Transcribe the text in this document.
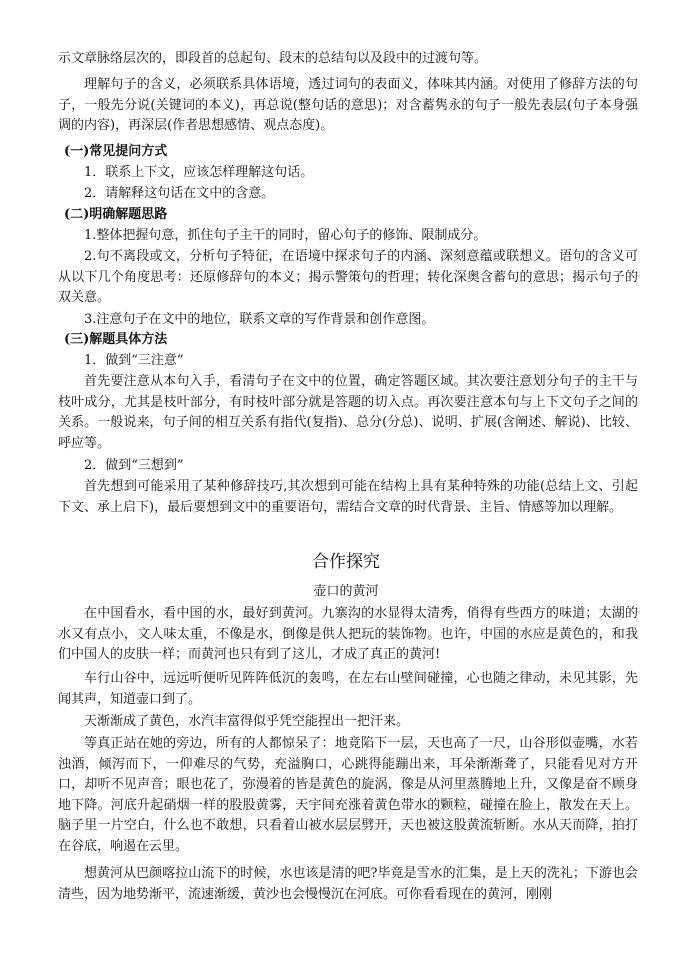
示文章脉络层次的，即段首的总起句、段末的总结句以及段中的过渡句等。

理解句子的含义，必须联系具体语境，透过词句的表面义，体味其内涵。对使用了修辞方法的句子，一般先分说(关键词的本义)，再总说(整句话的意思)；对含蓄隽永的句子一般先表层(句子本身强调的内容)，再深层(作者思想感情、观点态度)。

(一)常见提问方式

1．联系上下文，应该怎样理解这句话。

2．请解释这句话在文中的含意。

(二)明确解题思路

1.整体把握句意，抓住句子主干的同时，留心句子的修饰、限制成分。

2.句不离段或文，分析句子特征，在语境中探求句子的内涵、深刻意蕴或联想义。语句的含义可从以下几个角度思考：还原修辞句的本义；揭示警策句的哲理；转化深奥含蓄句的意思；揭示句子的双关意。

3.注意句子在文中的地位，联系文章的写作背景和创作意图。

(三)解题具体方法

1．做到“三注意”

首先要注意从本句入手，看清句子在文中的位置，确定答题区域。其次要注意划分句子的主干与枝叶成分，尤其是枝叶部分，有时枝叶部分就是答题的切入点。再次要注意本句与上下文句子之间的关系。一般说来，句子间的相互关系有指代(复指)、总分(分总)、说明、扩展(含阐述、解说)、比较、呼应等。

2．做到“三想到”

首先想到可能采用了某种修辞技巧,其次想到可能在结构上具有某种特殊的功能(总结上文、引起下文、承上启下)，最后要想到文中的重要语句，需结合文章的时代背景、主旨、情感等加以理解。

合作探究

壶口的黄河

在中国看水，看中国的水，最好到黄河。九寨沟的水显得太清秀，俏得有些西方的味道；太湖的水又有点小，文人味太重，不像是水，倒像是供人把玩的装饰物。也许，中国的水应是黄色的，和我们中国人的皮肤一样；而黄河也只有到了这儿，才成了真正的黄河!

车行山谷中，远远听便听见阵阵低沉的轰鸣，在左右山壁间碰撞，心也随之律动，未见其影，先闻其声，知道壶口到了。

天渐渐成了黄色，水汽丰富得似乎凭空能捏出一把汗来。

等真正站在她的旁边，所有的人都惊呆了：地竟陷下一层，天也高了一尺，山谷形似壶嘴，水若浊酒，倾泻而下，一仰难尽的气势，充溢胸口，心跳得能蹦出来，耳朵渐渐聋了，只能看见对方开口，却听不见声音；眼也花了，弥漫着的皆是黄色的旋涡，像是从河里蒸腾地上升，又像是奋不顾身地下降。河底升起硝烟一样的股股黄雾，天宇间充涨着黄色带水的颗粒，碰撞在脸上，散发在天上。脑子里一片空白，什么也不敢想，只看着山被水层层劈开，天也被这股黄流斩断。水从天而降，拍打在谷底，响遏在云里。

想黄河从巴颜喀拉山流下的时候，水也该是清的吧?毕竟是雪水的汇集，是上天的洗礼；下游也会清些，因为地势渐平，流速渐缓，黄沙也会慢慢沉在河底。可你看看现在的黄河，刚刚
